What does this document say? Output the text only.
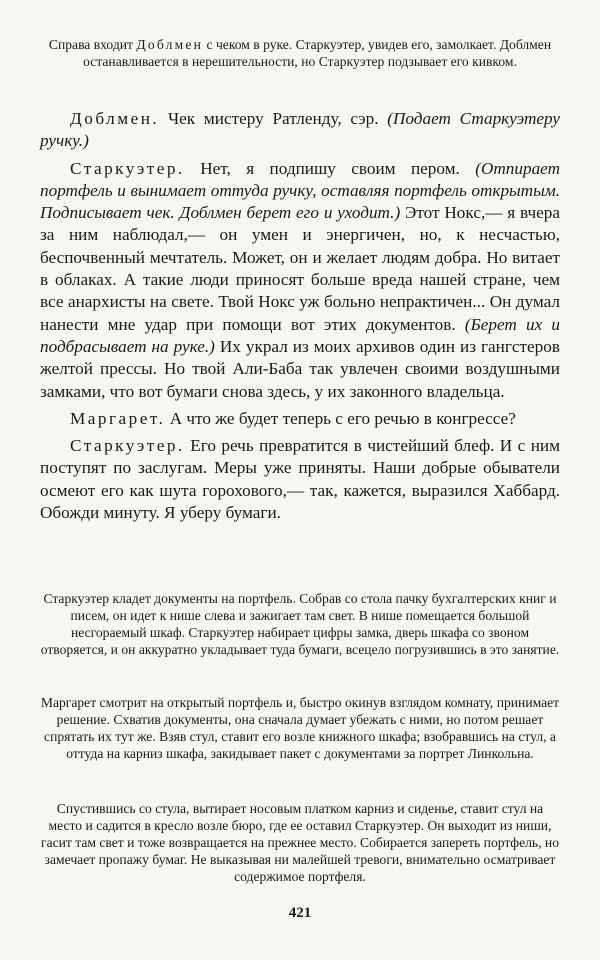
Справа входит Доблмен с чеком в руке. Старкуэтер, увидев его, замолкает. Доблмен останавливается в нерешительности, но Старкуэтер подзывает его кивком.

Доблмен. Чек мистеру Ратленду, сэр. (Подает Старкуэтеру ручку.)

Старкуэтер. Нет, я подпишу своим пером. (Отпирает портфель и вынимает оттуда ручку, оставляя портфель открытым. Подписывает чек. Доблмен берет его и уходит.) Этот Нокс,— я вчера за ним наблюдал,— он умен и энергичен, но, к несчастью, беспочвенный мечтатель. Может, он и желает людям добра. Но витает в облаках. А такие люди приносят больше вреда нашей стране, чем все анархисты на свете. Твой Нокс уж больно непрактичен... Он думал нанести мне удар при помощи вот этих документов. (Берет их и подбрасывает на руке.) Их украл из моих архивов один из гангстеров желтой прессы. Но твой Али-Баба так увлечен своими воздушными замками, что вот бумаги снова здесь, у их законного владельца.

Маргарет. А что же будет теперь с его речью в конгрессе?

Старкуэтер. Его речь превратится в чистейший блеф. И с ним поступят по заслугам. Меры уже приняты. Наши добрые обыватели осмеют его как шута горохового,— так, кажется, выразился Хаббард. Обожди минуту. Я уберу бумаги.

Старкуэтер кладет документы на портфель. Собрав со стола пачку бухгалтерских книг и писем, он идет к нише слева и зажигает там свет. В нише помещается большой несгораемый шкаф. Старкуэтер набирает цифры замка, дверь шкафа со звоном отворяется, и он аккуратно укладывает туда бумаги, всецело погрузившись в это занятие.
Маргарет смотрит на открытый портфель и, быстро окинув взглядом комнату, принимает решение. Схватив документы, она сначала думает убежать с ними, но потом решает спрятать их тут же. Взяв стул, ставит его возле книжного шкафа; взобравшись на стул, а оттуда на карниз шкафа, закидывает пакет с документами за портрет Линкольна.
Спустившись со стула, вытирает носовым платком карниз и сиденье, ставит стул на место и садится в кресло возле бюро, где ее оставил Старкуэтер. Он выходит из ниши, гасит там свет и тоже возвращается на прежнее место. Собирается запереть портфель, но замечает пропажу бумаг. Не выказывая ни малейшей тревоги, внимательно осматривает содержимое портфеля.
421
